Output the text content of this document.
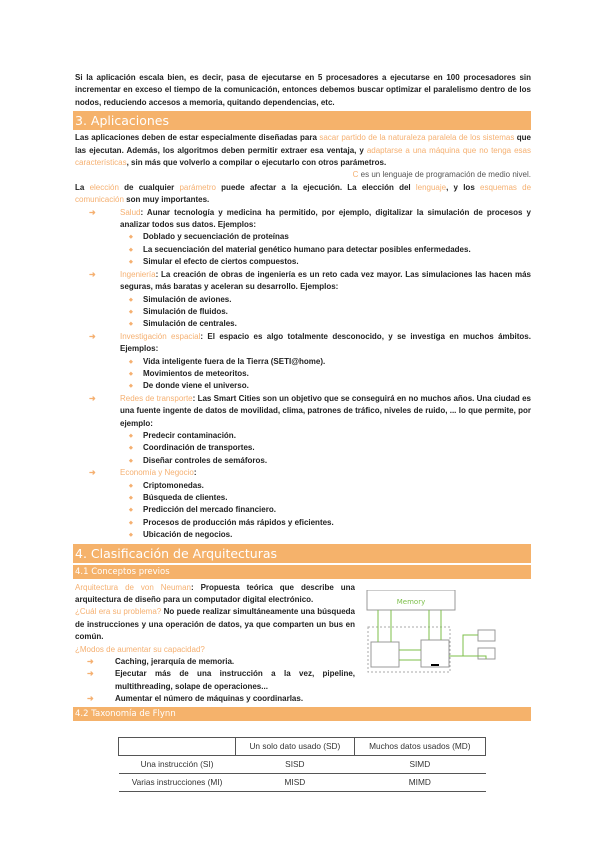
Si la aplicación escala bien, es decir, pasa de ejecutarse en 5 procesadores a ejecutarse en 100 procesadores sin incrementar en exceso el tiempo de la comunicación, entonces debemos buscar optimizar el paralelismo dentro de los nodos, reduciendo accesos a memoria, quitando dependencias, etc.
3. Aplicaciones
Las aplicaciones deben de estar especialmente diseñadas para sacar partido de la naturaleza paralela de los sistemas que las ejecutan. Además, los algoritmos deben permitir extraer esa ventaja, y adaptarse a una máquina que no tenga esas características, sin más que volverlo a compilar o ejecutarlo con otros parámetros.
C es un lenguaje de programación de medio nivel.
La elección de cualquier parámetro puede afectar a la ejecución. La elección del lenguaje, y los esquemas de comunicación son muy importantes.
➜	Salud: Aunar tecnología y medicina ha permitido, por ejemplo, digitalizar la simulación de procesos y analizar todos sus datos. Ejemplos:
◆ Doblado y secuenciación de proteínas
◆ La secuenciación del material genético humano para detectar posibles enfermedades.
◆ Simular el efecto de ciertos compuestos.
➜	Ingeniería: La creación de obras de ingeniería es un reto cada vez mayor. Las simulaciones las hacen más seguras, más baratas y aceleran su desarrollo. Ejemplos:
◆ Simulación de aviones.
◆ Simulación de fluidos.
◆ Simulación de centrales.
➜	Investigación espacial: El espacio es algo totalmente desconocido, y se investiga en muchos ámbitos. Ejemplos:
◆ Vida inteligente fuera de la Tierra (SETI@home).
◆ Movimientos de meteoritos.
◆ De donde viene el universo.
➜	Redes de transporte: Las Smart Cities son un objetivo que se conseguirá en no muchos años. Una ciudad es una fuente ingente de datos de movilidad, clima, patrones de tráfico, niveles de ruido, ... lo que permite, por ejemplo:
◆ Predecir contaminación.
◆ Coordinación de transportes.
◆ Diseñar controles de semáforos.
➜	Economía y Negocio:
◆ Criptomonedas.
◆ Búsqueda de clientes.
◆ Predicción del mercado financiero.
◆ Procesos de producción más rápidos y eficientes.
◆ Ubicación de negocios.
4. Clasificación de Arquitecturas
4.1 Conceptos previos
Arquitectura de von Neuman: Propuesta teórica que describe una arquitectura de diseño para un computador digital electrónico.
¿Cuál era su problema? No puede realizar simultáneamente una búsqueda de instrucciones y una operación de datos, ya que comparten un bus en común.
¿Modos de aumentar su capacidad?
➜	Caching, jerarquía de memoria.
➜	Ejecutar más de una instrucción a la vez, pipeline, multithreading, solape de operaciones...
➜	Aumentar el número de máquinas y coordinarlas.
Memory
4.2 Taxonomía de Flynn
	Un solo dato usado (SD)	Muchos datos usados (MD)
Una instrucción (SI)	SISD	SIMD
Varias instrucciones (MI)	MISD	MIMD
